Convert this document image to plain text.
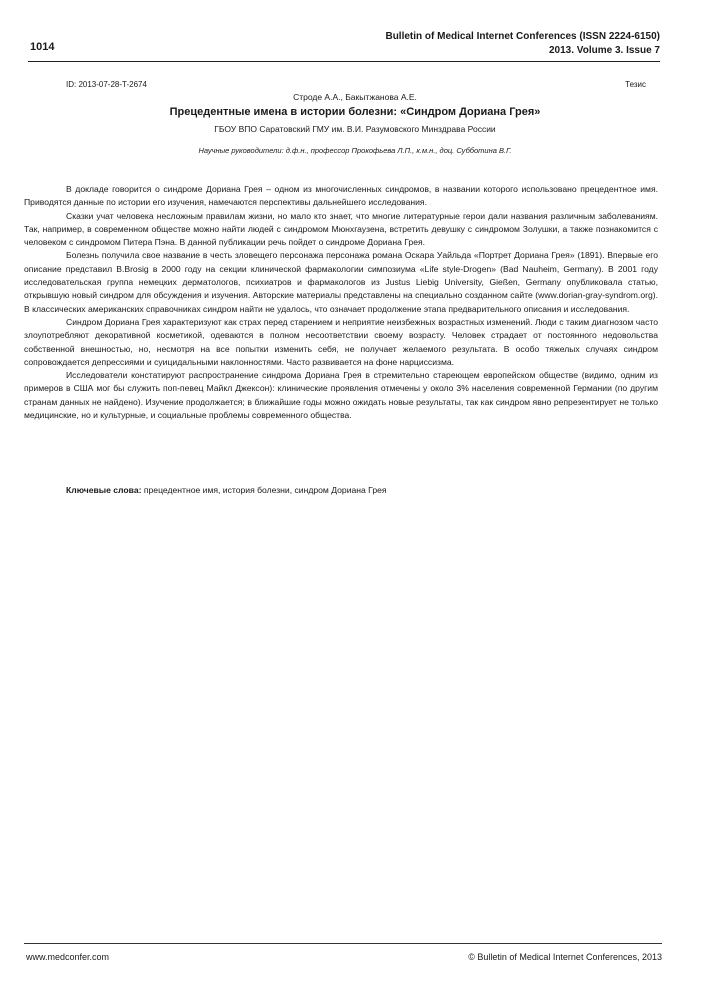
1014
Bulletin of Medical Internet Conferences (ISSN 2224-6150)
2013. Volume 3. Issue 7
ID: 2013-07-28-T-2674	Тезис
Строде А.А., Бакытжанова А.Е.
Прецедентные имена в истории болезни: «Синдром Дориана Грея»
ГБОУ ВПО Саратовский ГМУ им. В.И. Разумовского Минздрава России
Научные руководители: д.ф.н., профессор Прокофьева Л.П., к.м.н., доц. Субботина В.Г.

В докладе говорится о синдроме Дориана Грея – одном из многочисленных синдромов, в названии которого использовано прецедентное имя. Приводятся данные по истории его изучения, намечаются перспективы дальнейшего исследования.

Сказки учат человека несложным правилам жизни, но мало кто знает, что многие литературные герои дали названия различным заболеваниям. Так, например, в современном обществе можно найти людей с синдромом Мюнхгаузена, встретить девушку с синдромом Золушки, а также познакомится с человеком с синдромом Питера Пэна. В данной публикации речь пойдет о синдроме Дориана Грея.

Болезнь получила свое название в честь зловещего персонажа персонажа романа Оскара Уайльда «Портрет Дориана Грея» (1891). Впервые его описание представил B.Brosig в 2000 году на секции клинической фармакологии симпозиума «Life style-Drogen» (Bad Nauheim, Germany). В 2001 году исследовательская группа немецких дерматологов, психиатров и фармакологов из Justus Liebig University, Gießen, Germany опубликовала статью, открывшую новый синдром для обсуждения и изучения. Авторские материалы представлены на специально созданном сайте (www.dorian-gray-syndrom.org). В классических американских справочниках синдром найти не удалось, что означает продолжение этапа предварительного описания и исследования.

Синдром Дориана Грея характеризуют как страх перед старением и неприятие неизбежных возрастных изменений. Люди с таким диагнозом часто злоупотребляют декоративной косметикой, одеваются в полном несоответствии своему возрасту. Человек страдает от постоянного недовольства собственной внешностью, но, несмотря на все попытки изменить себя, не получает желаемого результата. В особо тяжелых случаях синдром сопровождается депрессиями и суицидальными наклонностями. Часто развивается на фоне нарциссизма.

Исследователи констатируют распространение синдрома Дориана Грея в стремительно стареющем европейском обществе (видимо, одним из примеров в США мог бы служить поп-певец Майкл Джексон): клинические проявления отмечены у около 3% населения современной Германии (по другим странам данных не найдено). Изучение продолжается; в ближайшие годы можно ожидать новые результаты, так как синдром явно репрезентирует не только медицинские, но и культурные, и социальные проблемы современного общества.

Ключевые слова: прецедентное имя, история болезни, синдром Дориана Грея
www.medconfer.com	© Bulletin of Medical Internet Conferences, 2013
